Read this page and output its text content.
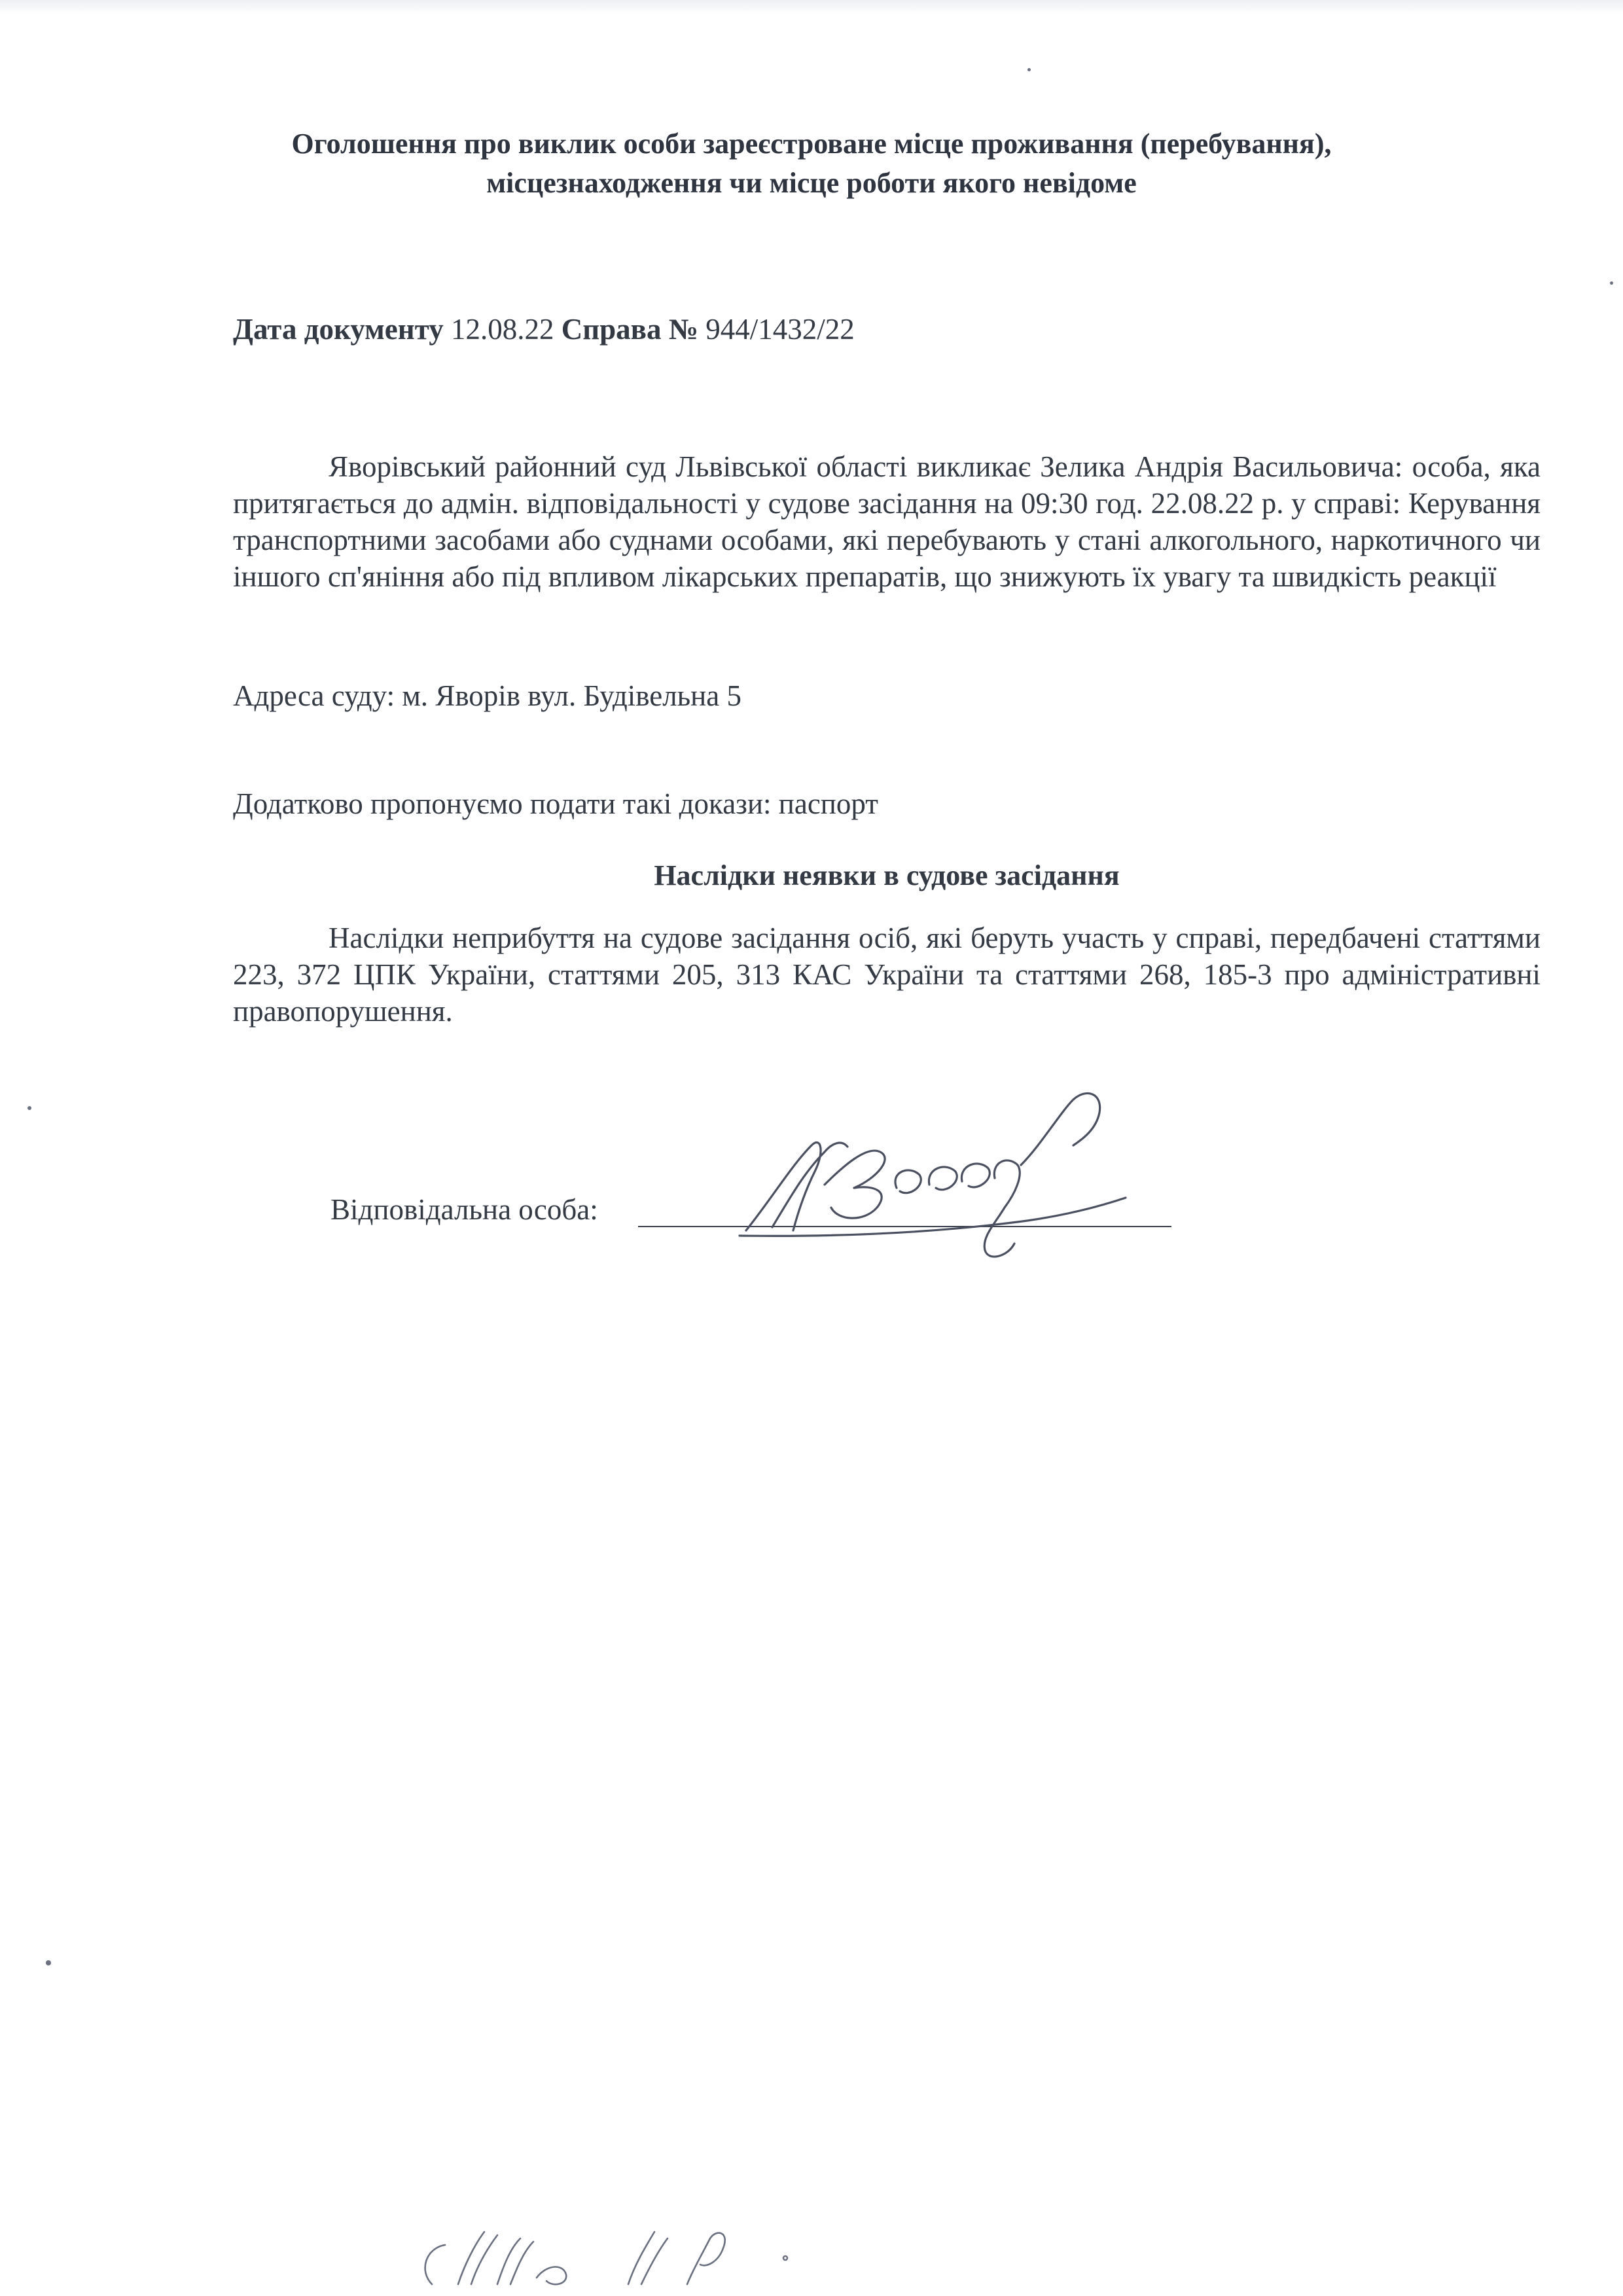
Оголошення про виклик особи зареєстроване місце проживання (перебування),
місцезнаходження чи місце роботи якого невідоме
Дата документу 12.08.22 Справа № 944/1432/22
Яворівський районний суд Львівської області викликає Зелика Андрія Васильовича: особа, яка притягається до адмін. відповідальності у судове засідання на 09:30 год. 22.08.22 р. у справі: Керування транспортними засобами або суднами особами, які перебувають у стані алкогольного, наркотичного чи іншого сп'яніння або під впливом лікарських препаратів, що знижують їх увагу та швидкість реакції
Адреса суду: м. Яворів вул. Будівельна 5
Додатково пропонуємо подати такі докази: паспорт
Наслідки неявки в судове засідання
Наслідки неприбуття на судове засідання осіб, які беруть участь у справі, передбачені статтями 223, 372 ЦПК України, статтями 205, 313 КАС України та статтями 268, 185-3 про адміністративні правопорушення.
Відповідальна особа:
